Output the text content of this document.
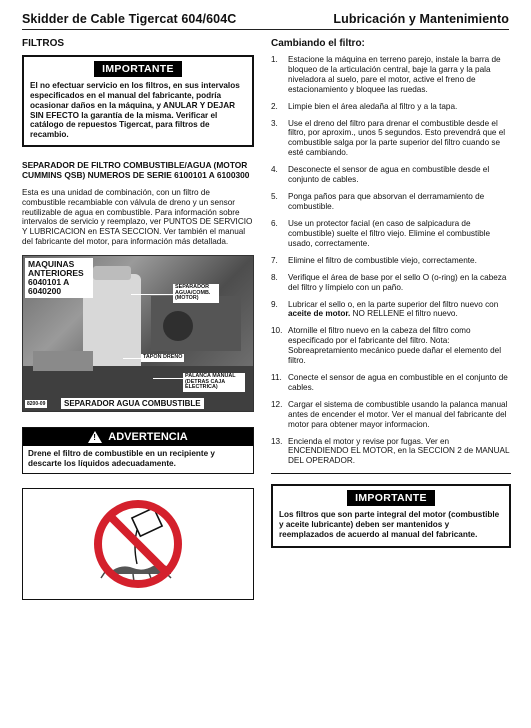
Skidder de Cable Tigercat 604/604C	Lubricación y Mantenimiento
FILTROS
IMPORTANTE

El no efectuar servicio en los filtros, en sus intervalos especificados en el manual del fabricante, podría ocasionar daños en la máquina, y ANULAR Y DEJAR SIN EFECTO la garantía de la misma. Verificar el catálogo de repuestos Tigercat, para filtros de recambio.

SEPARADOR DE FILTRO COMBUSTIBLE/AGUA (MOTOR CUMMINS QSB) NUMEROS DE SERIE 6100101 A 6100300
Esta es una unidad de combinación, con un filtro de combustible recambiable con válvula de dreno y un sensor reutilizable de agua en combustible. Para información sobre intervalos de servicio y reemplazo, ver PUNTOS DE SERVICIO Y LUBRICACION en ESTA SECCION. Ver también el manual del fabricante del motor, para información más detallada.
MAQUINAS ANTERIORES 6040101 A 6040200	SEPARADOR AGUA/COMB. (MOTOR)
TAPON DRENO
PALANCA MANUAL (DETRAS CAJA ELECTRICA)
8200-09	SEPARADOR AGUA COMBUSTIBLE
! ADVERTENCIA

Drene el filtro de combustible en un recipiente y descarte los líquidos adecuadamente.

Cambiando el filtro:
1.	Estacione la máquina en terreno parejo, instale la barra de bloqueo de la articulación central, baje la garra y la pala niveladora al suelo, pare el motor, active el freno de estacionamiento y bloquee las ruedas.
2.	Limpie bien el área aledaña al filtro y a la tapa.
3.	Use el dreno del filtro para drenar el combustible desde el filtro, por aproxim., unos 5 segundos. Esto prevendrá que el combustible salga por la parte superior del filtro cuando se esté cambiando.
4.	Desconecte el sensor de agua en combustible desde el conjunto de cables.
5.	Ponga paños para que absorvan el derramamiento de combustible.
6.	Use un protector facial (en caso de salpicadura de combustible) suelte el filtro viejo. Elimine el combustible usado, correctamente.
7.	Elimine el filtro de combustible viejo, correctamente.
8.	Verifique el área de base por el sello O (o-ring) en la cabeza del filtro y límpielo con un paño.
9.	Lubricar el sello o, en la parte superior del filtro nuevo con aceite de motor. NO RELLENE el filtro nuevo.
10. Atornille el filtro nuevo en la cabeza del filtro como especificado por el fabricante del filtro. Nota: Sobreapretamiento mecánico puede dañar el elemento del filtro.
11. Conecte el sensor de agua en combustible en el conjunto de cables.
12. Cargar el sistema de combustible usando la palanca manual antes de encender el motor. Ver el manual del fabricante del motor para obtener mayor informacion.
13. Encienda el motor y revise por fugas. Ver en ENCENDIENDO EL MOTOR, en la SECCION 2 de MANUAL DEL OPERADOR.
IMPORTANTE

Los filtros que son parte integral del motor (combustible y aceite lubricante) deben ser mantenidos y reemplazados de acuerdo al manual del fabricante.
